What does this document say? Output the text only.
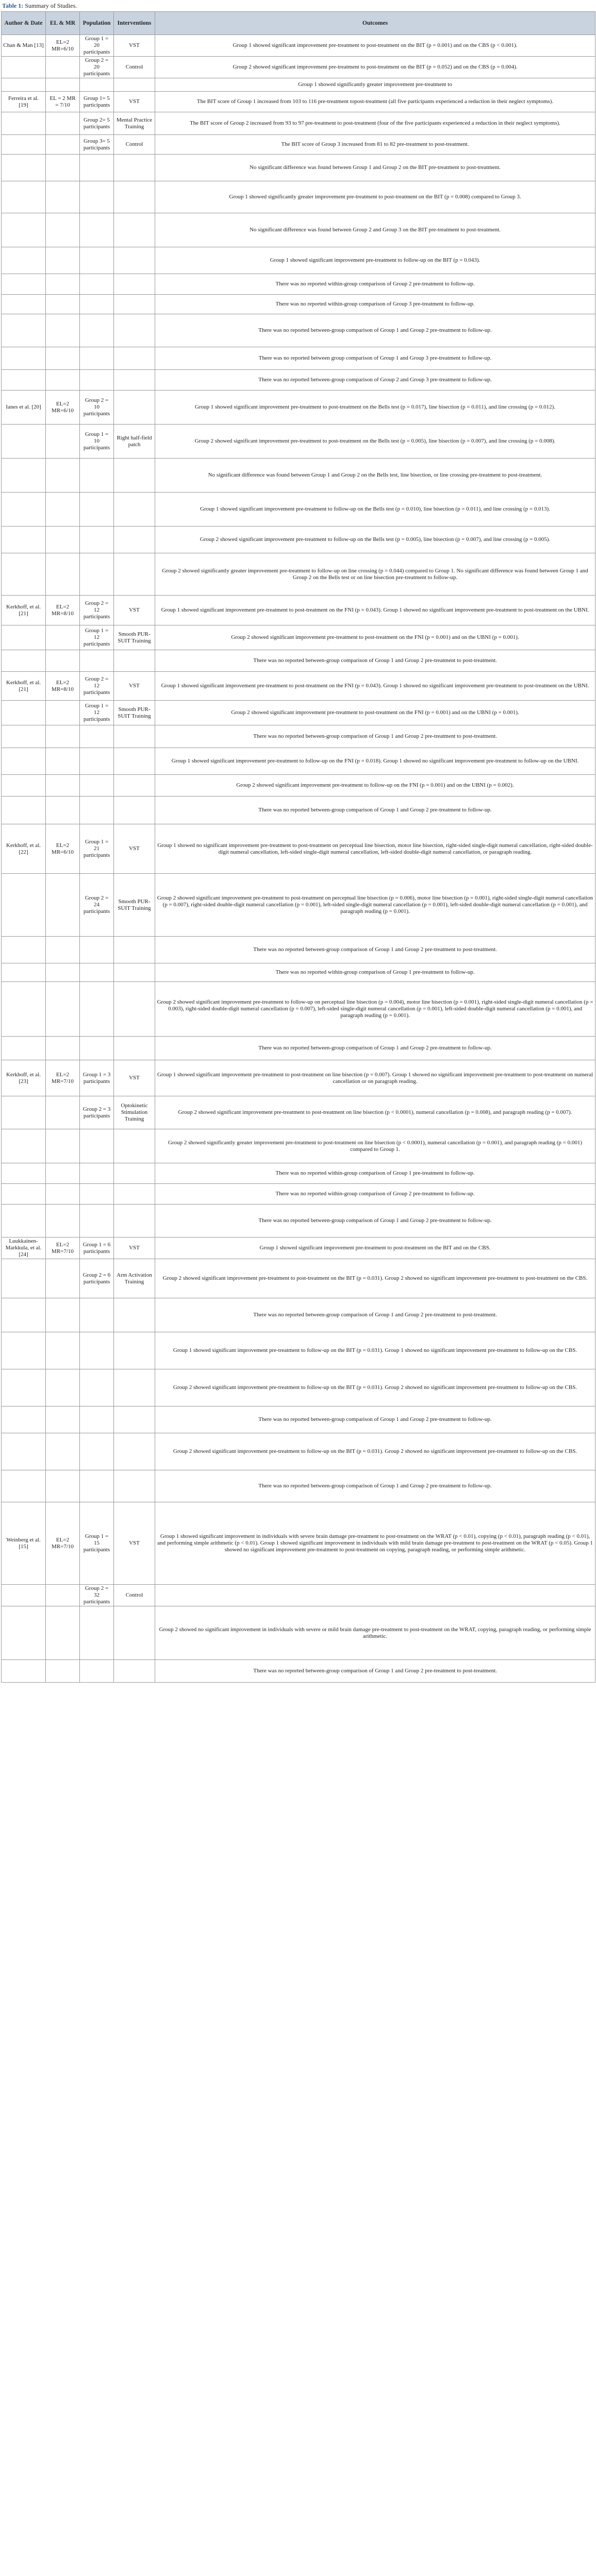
Table 1: Summary of Studies.
Author & Date	EL & MR	Population	Interventions	Outcomes
Chan & Man [13]	EL=2 MR=6/10	Group 1 = 20 participants	VST	Group 1 showed significant improvement pre-treatment to post-treatment on the BIT (p = 0.001) and on the CBS (p < 0.001).
		Group 2 = 20 participants	Control	Group 2 showed significant improvement pre-treatment to post-treatment on the BIT (p = 0.052) and on the CBS (p = 0.004).
				Group 1 showed significantly greater improvement pre-treatment to
Ferreira et al. [19]	EL = 2 MR = 7/10	Group 1= 5 participants	VST	The BIT score of Group 1 increased from 103 to 116 pre-treatment topost-treatment (all five participants experienced a reduction in their neglect symptoms).
		Group 2= 5 participants	Mental Practice Training	The BIT score of Group 2 increased from 93 to 97 pre-treatment to post-treatment (four of the five participants experienced a reduction in their neglect symptoms).
		Group 3= 5 participants	Control	The BIT score of Group 3 increased from 81 to 82 pre-treatment to post-treatment.
				No significant difference was found between Group 1 and Group 2 on the BIT pre-treatment to post-treatment.
				Group 1 showed significantly greater improvement pre-treatment to post-treatment on the BIT (p = 0.008) compared to Group 3.
				No significant difference was found between Group 2 and Group 3 on the BIT pre-treatment to post-treatment.
				Group 1 showed significant improvement pre-treatment to follow-up on the BIT (p = 0.043).
				There was no reported within-group comparison of Group 2 pre-treatment to follow-up.
				There was no reported within-group comparison of Group 3 pre-treatment to follow-up.
				There was no reported between-group comparison of Group 1 and Group 2 pre-treatment to follow-up.
				There was no reported between group comparison of Group 1 and Group 3 pre-treatment to follow-up.
				There was no reported between-group comparison of Group 2 and Group 3 pre-treatment to follow-up.
Ianes et al. [20]	EL=2 MR=6/10	Group 2 = 10 participants		Group 1 showed significant improvement pre-treatment to post-treatment on the Bells test (p = 0.017), line bisection (p = 0.011), and line crossing (p = 0.012).
		Group 1 = 10 participants	Right half-field patch	Group 2 showed significant improvement pre-treatment to post-treatment on the Bells test (p = 0.005), line bisection (p = 0.007), and line crossing (p = 0.008).
				No significant difference was found between Group 1 and Group 2 on the Bells test, line bisection, or line crossing pre-treatment to post-treatment.
				Group 1 showed significant improvement pre-treatment to follow-up on the Bells test (p = 0.010), line bisection (p = 0.011), and line crossing (p = 0.013).
				Group 2 showed significant improvement pre-treatment to follow-up on the Bells test (p = 0.005), line bisection (p = 0.007), and line crossing (p = 0.005).
				Group 2 showed significantly greater improvement pre-treatment to follow-up on line crossing (p = 0.044) compared to Group 1. No significant difference was found between Group 1 and Group 2 on the Bells test or on line bisection pre-treatment to follow-up.
Kerkhoff, et al. [21]	EL=2 MR=8/10	Group 2 = 12 participants	VST	Group 1 showed significant improvement pre-treatment to post-treatment on the FNI (p = 0.043). Group 1 showed no significant improvement pre-treatment to post-treatment on the UBNI.
		Group 1 = 12 participants	Smooth PUR-SUIT Training	Group 2 showed significant improvement pre-treatment to post-treatment on the FNI (p = 0.001) and on the UBNI (p = 0.001).
				There was no reported between-group comparison of Group 1 and Group 2 pre-treatment to post-treatment.
Kerkhoff, et al. [21]	EL=2 MR=8/10	Group 2 = 12 participants	VST	Group 1 showed significant improvement pre-treatment to post-treatment on the FNI (p = 0.043). Group 1 showed no significant improvement pre-treatment to post-treatment on the UBNI.
		Group 1 = 12 participants	Smooth PUR-SUIT Training	Group 2 showed significant improvement pre-treatment to post-treatment on the FNI (p = 0.001) and on the UBNI (p = 0.001).
				There was no reported between-group comparison of Group 1 and Group 2 pre-treatment to post-treatment.
				Group 1 showed significant improvement pre-treatment to follow-up on the FNI (p = 0.018). Group 1 showed no significant improvement pre-treatment to follow-up on the UBNI.
				Group 2 showed significant improvement pre-treatment to follow-up on the FNI (p = 0.001) and on the UBNI (p = 0.002).
				There was no reported between-group comparison of Group 1 and Group 2 pre-treatment to follow-up.
Kerkhoff, et al. [22]	EL=2 MR=6/10	Group 1 = 21 participants	VST	Group 1 showed no significant improvement pre-treatment to post-treatment on perceptual line bisection, motor line bisection, right-sided single-digit numeral cancellation, right-sided double-digit numeral cancellation, left-sided single-digit numeral cancellation, left-sided double-digit numeral cancellation, or paragraph reading.
		Group 2 = 24 participants	Smooth PUR-SUIT Training	Group 2 showed significant improvement pre-treatment to post-treatment on perceptual line bisection (p = 0.006), motor line bisection (p = 0.001), right-sided single-digit numeral cancellation (p = 0.007), right-sided double-digit numeral cancellation (p = 0.001), left-sided single-digit numeral cancellation (p = 0.001), left-sided double-digit numeral cancellation (p = 0.001), and paragraph reading (p = 0.001).
				There was no reported between-group comparison of Group 1 and Group 2 pre-treatment to post-treatment.
				There was no reported within-group comparison of Group 1 pre-treatment to follow-up.
				Group 2 showed significant improvement pre-treatment to follow-up on perceptual line bisection (p = 0.004), motor line bisection (p = 0.001), right-sided single-digit numeral cancellation (p = 0.003), right-sided double-digit numeral cancellation (p = 0.007), left-sided single-digit numeral cancellation (p = 0.001), left-sided double-digit numeral cancellation (p = 0.001), and paragraph reading (p = 0.001).
				There was no reported between-group comparison of Group 1 and Group 2 pre-treatment to follow-up.
Kerkhoff, et al. [23]	EL=2 MR=7/10	Group 1 = 3 participants	VST	Group 1 showed significant improvement pre-treatment to post-treatment on line bisection (p = 0.007). Group 1 showed no significant improvement pre-treatment to post-treatment on numeral cancellation or on paragraph reading.
		Group 2 = 3 participants	Optokinetic Stimulation Training	Group 2 showed significant improvement pre-treatment to post-treatment on line bisection (p < 0.0001), numeral cancellation (p = 0.008), and paragraph reading (p = 0.007).
				Group 2 showed significantly greater improvement pre-treatment to post-treatment on line bisection (p < 0.0001), numeral cancellation (p = 0.001), and paragraph reading (p = 0.001) compared to Group 1.
				There was no reported within-group comparison of Group 1 pre-treatment to follow-up.
				There was no reported within-group comparison of Group 2 pre-treatment to follow-up.
				There was no reported between-group comparison of Group 1 and Group 2 pre-treatment to follow-up.
Luukkainen-Markkula, et al. [24]	EL=2 MR=7/10	Group 1 = 6 participants	VST	Group 1 showed significant improvement pre-treatment to post-treatment on the BIT and on the CBS.
		Group 2 = 6 participants	Arm Activation Training	Group 2 showed significant improvement pre-treatment to post-treatment on the BIT (p = 0.031). Group 2 showed no significant improvement pre-treatment to post-treatment on the CBS.
				There was no reported between-group comparison of Group 1 and Group 2 pre-treatment to post-treatment.
				Group 1 showed significant improvement pre-treatment to follow-up on the BIT (p = 0.031). Group 1 showed no significant improvement pre-treatment to follow-up on the CBS.
				Group 2 showed significant improvement pre-treatment to follow-up on the BIT (p = 0.031). Group 2 showed no significant improvement pre-treatment to follow-up on the CBS.
				There was no reported between-group comparison of Group 1 and Group 2 pre-treatment to follow-up.
				Group 2 showed significant improvement pre-treatment to follow-up on the BIT (p = 0.031). Group 2 showed no significant improvement pre-treatment to follow-up on the CBS.
				There was no reported between-group comparison of Group 1 and Group 2 pre-treatment to follow-up.
Weinberg et al. [15]	EL=2 MR=7/10	Group 1 = 15 participants	VST	Group 1 showed significant improvement in individuals with severe brain damage pre-treatment to post-treatment on the WRAT (p < 0.01), copying (p < 0.01), paragraph reading (p < 0.01), and performing simple arithmetic (p < 0.01). Group 1 showed significant improvement in individuals with mild brain damage pre-treatment to post-treatment on the WRAT (p < 0.05). Group 1 showed no significant improvement pre-treatment to post-treatment on copying, paragraph reading, or performing simple arithmetic.
		Group 2 = 32 participants	Control	
				Group 2 showed no significant improvement in individuals with severe or mild brain damage pre-treatment to post-treatment on the WRAT, copying, paragraph reading, or performing simple arithmetic.
				There was no reported between-group comparison of Group 1 and Group 2 pre-treatment to post-treatment.
